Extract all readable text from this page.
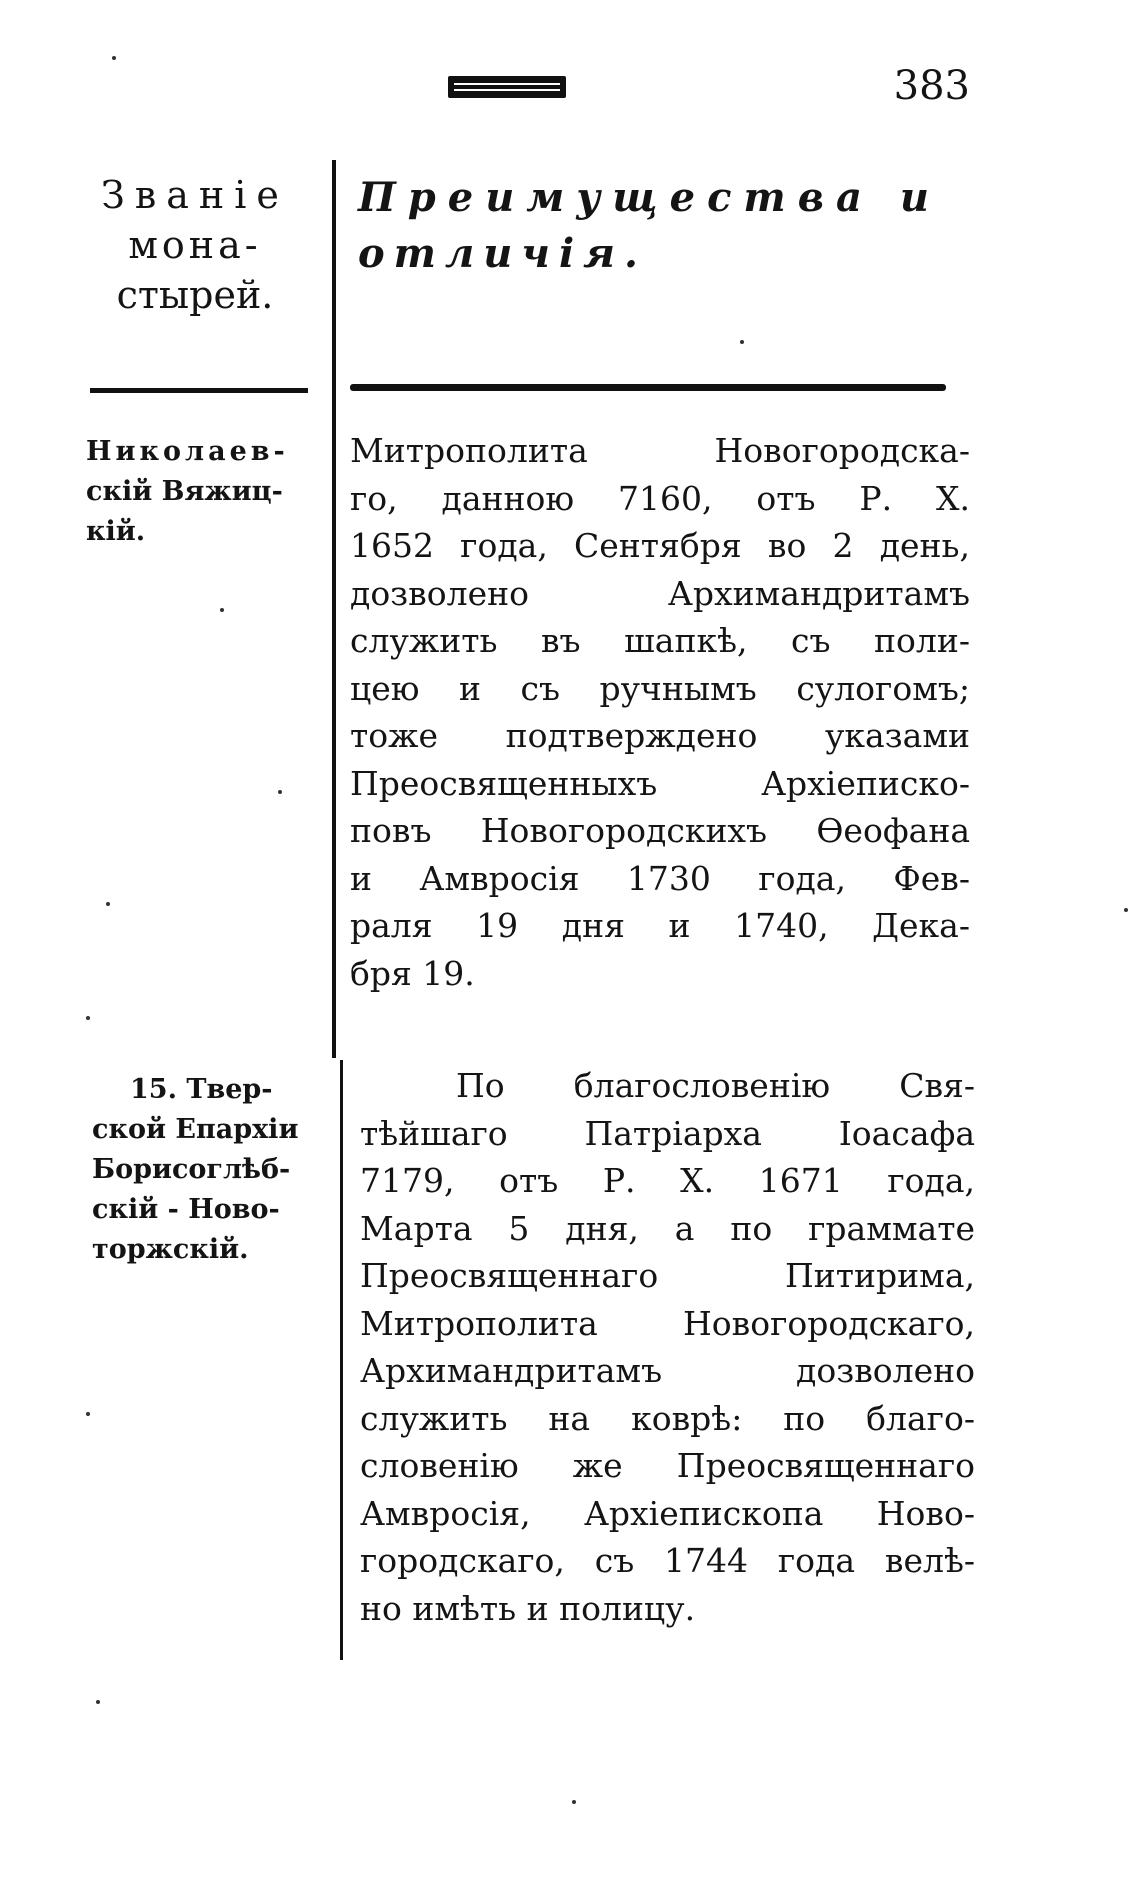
383
Званіе
мона-
стырей.
Преимущества и
отличія.
Николаев-
скій Вяжиц-
кій.
Митрополита Новогородска-
го, данною 7160, отъ Р. Х.
1652 года, Сентября во 2 день,
дозволено Архимандритамъ
служить въ шапкѣ, съ поли-
цею и съ ручнымъ сулогомъ;
тоже подтверждено указами
Преосвященныхъ Архіеписко-
повъ Новогородскихъ Өеофана
и Амвросія 1730 года, Фев-
раля 19 дня и 1740, Дека-
бря 19.
15. Твер-
ской Епархіи
Борисоглѣб-
скій - Ново-
торжскій.
По благословенію Свя-
тѣйшаго Патріарха Іоасафа
7179, отъ Р. Х. 1671 года,
Марта 5 дня, а по граммате
Преосвященнаго Питирима,
Митрополита Новогородскаго,
Архимандритамъ дозволено
служить на коврѣ: по благо-
словенію же Преосвященнаго
Амвросія, Архіепископа Ново-
городскаго, съ 1744 года велѣ-
но имѣть и полицу.
